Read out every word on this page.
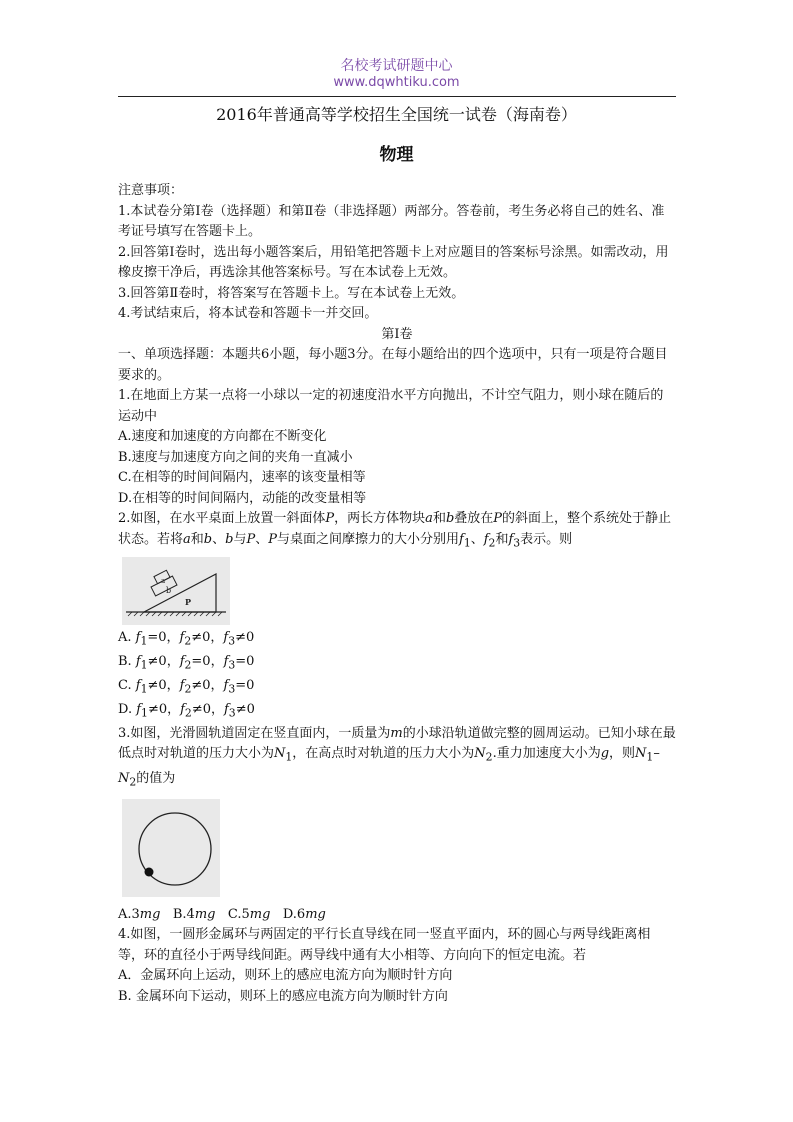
名校考试研题中心
www.dqwhtiku.com
2016年普通高等学校招生全国统一试卷（海南卷）
物理

注意事项：

1.本试卷分第Ⅰ卷（选择题）和第Ⅱ卷（非选择题）两部分。答卷前，考生务必将自己的姓名、准考证号填写在答题卡上。

2.回答第Ⅰ卷时，选出每小题答案后，用铅笔把答题卡上对应题目的答案标号涂黑。如需改动，用橡皮擦干净后，再选涂其他答案标号。写在本试卷上无效。

3.回答第Ⅱ卷时，将答案写在答题卡上。写在本试卷上无效。

4.考试结束后，将本试卷和答题卡一并交回。

第Ⅰ卷

一、单项选择题：本题共6小题，每小题3分。在每小题给出的四个选项中，只有一项是符合题目要求的。

1.在地面上方某一点将一小球以一定的初速度沿水平方向抛出，不计空气阻力，则小球在随后的运动中

A.速度和加速度的方向都在不断变化

B.速度与加速度方向之间的夹角一直减小

C.在相等的时间间隔内，速率的该变量相等

D.在相等的时间间隔内，动能的改变量相等

2.如图，在水平桌面上放置一斜面体P，两长方体物块a和b叠放在P的斜面上，整个系统处于静止状态。若将a和b、b与P、P与桌面之间摩擦力的大小分别用$f_1$、$f_2$和$f_3$表示。则

b
a
P

A. $f_1=0$，$f_2\ne 0$，$f_3\ne 0$

B. $f_1\ne 0$，$f_2=0$，$f_3=0$

C. $f_1\ne 0$，$f_2\ne 0$，$f_3=0$

D. $f_1\ne 0$，$f_2\ne 0$，$f_3\ne 0$

3.如图，光滑圆轨道固定在竖直面内，一质量为m的小球沿轨道做完整的圆周运动。已知小球在最低点时对轨道的压力大小为$N_1$，在高点时对轨道的压力大小为$N_2$.重力加速度大小为g，则$N_1-N_2$的值为

A.3mg B.4mg C.5mg D.6mg

4.如图，一圆形金属环与两固定的平行长直导线在同一竖直平面内，环的圆心与两导线距离相等，环的直径小于两导线间距。两导线中通有大小相等、方向向下的恒定电流。若

A．金属环向上运动，则环上的感应电流方向为顺时针方向

B. 金属环向下运动，则环上的感应电流方向为顺时针方向
